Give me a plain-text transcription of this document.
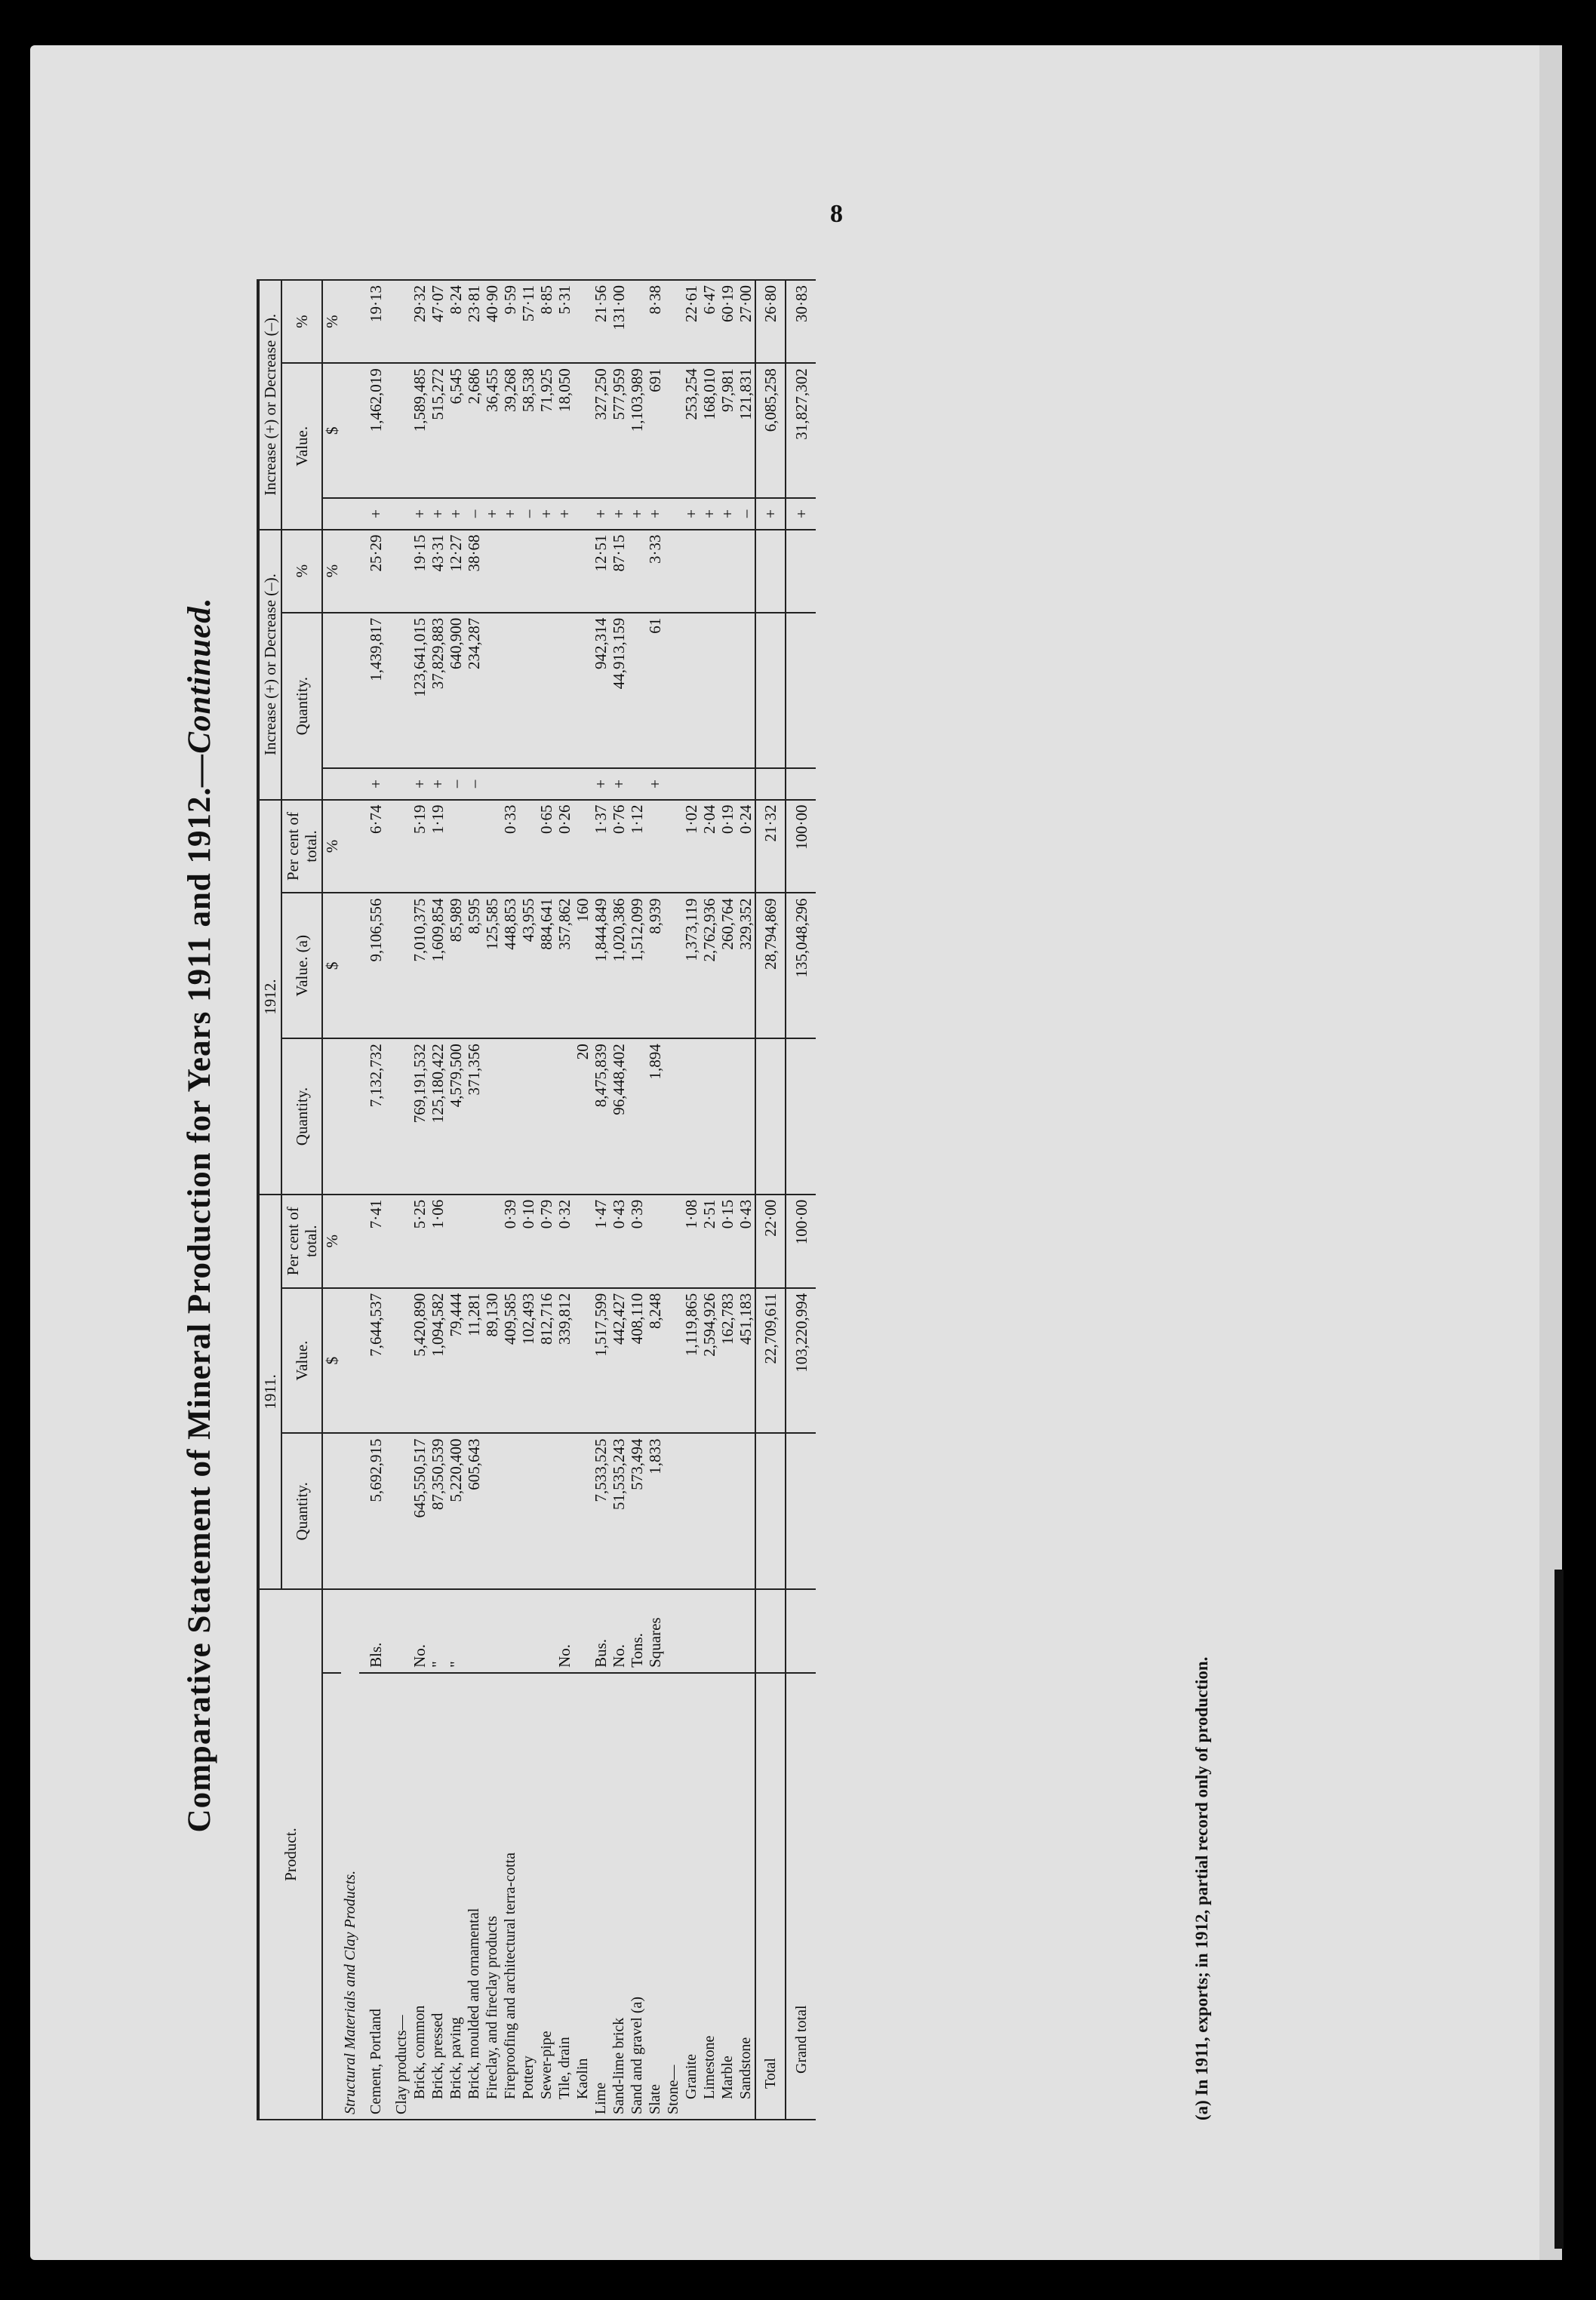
8
Comparative Statement of Mineral Production for Years 1911 and 1912.—Continued.
Product.		1911.			1912.			Increase (+) or Decrease (–).			Increase (+) or Decrease (–).		
		Quantity.	Value.	Per cent of total.	Quantity.	Value. (a)	Per cent of total.	Quantity.		%	Value.		%
			$	%		$	%			%		$	%
Structural Materials and Clay Products.													
Cement, Portland	Bls.	5,692,915	7,644,537	7·41	7,132,732	9,106,556	6·74	+	1,439,817	25·29	+	1,462,019	19·13
Clay products—													
Brick, common	No.	645,550,517	5,420,890	5·25	769,191,532	7,010,375	5·19	+	123,641,015	19·15	+	1,589,485	29·32
Brick, pressed	"	87,350,539	1,094,582	1·06	125,180,422	1,609,854	1·19	+	37,829,883	43·31	+	515,272	47·07
Brick, paving	"	5,220,400	79,444		4,579,500	85,989		–	640,900	12·27	+	6,545	8·24
Brick, moulded and ornamental		605,643	11,281		371,356	8,595		–	234,287	38·68	–	2,686	23·81
Fireclay, and fireclay products			89,130			125,585					+	36,455	40·90
Fireproofing and architectural terra-cotta			409,585	0·39		448,853	0·33				+	39,268	9·59
Pottery			102,493	0·10		43,955					–	58,538	57·11
Sewer-pipe			812,716	0·79		884,641	0·65				+	71,925	8·85
Tile, drain	No.		339,812	0·32		357,862	0·26				+	18,050	5·31
Kaolin					20	160							
Lime	Bus.	7,533,525	1,517,599	1·47	8,475,839	1,844,849	1·37	+	942,314	12·51	+	327,250	21·56
Sand-lime brick	No.	51,535,243	442,427	0·43	96,448,402	1,020,386	0·76	+	44,913,159	87·15	+	577,959	131·00
Sand and gravel (a)	Tons.	573,494	408,110	0·39		1,512,099	1·12				+	1,103,989	
Slate	Squares	1,833	8,248		1,894	8,939		+	61	3·33	+	691	8·38
Stone—													
Granite			1,119,865	1·08		1,373,119	1·02				+	253,254	22·61
Limestone			2,594,926	2·51		2,762,936	2·04				+	168,010	6·47
Marble			162,783	0·15		260,764	0·19				+	97,981	60·19
Sandstone			451,183	0·43		329,352	0·24				–	121,831	27·00
Total			22,709,611	22·00		28,794,869	21·32				+	6,085,258	26·80
Grand total			103,220,994	100·00		135,048,296	100·00				+	31,827,302	30·83
(a) In 1911, exports; in 1912, partial record only of production.
